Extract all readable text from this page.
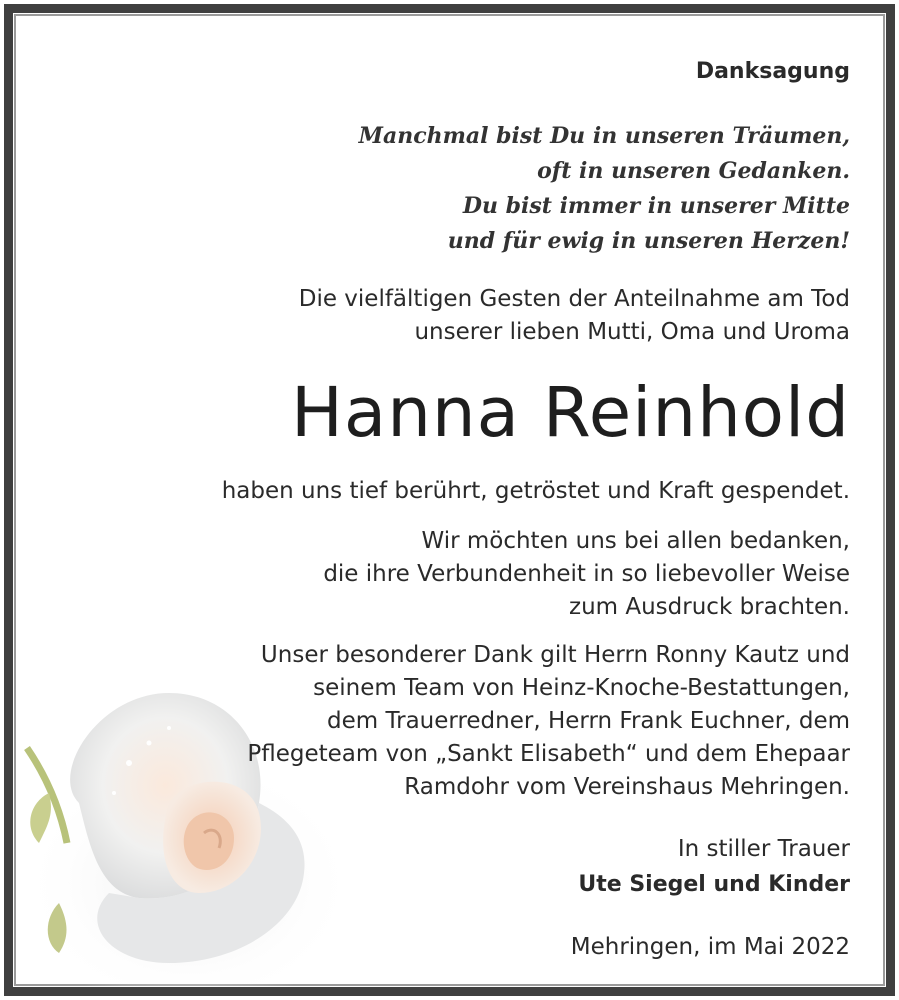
Danksagung
Manchmal bist Du in unseren Träumen,
oft in unseren Gedanken.
Du bist immer in unserer Mitte
und für ewig in unseren Herzen!
Die vielfältigen Gesten der Anteilnahme am Tod
unserer lieben Mutti, Oma und Uroma
Hanna Reinhold
haben uns tief berührt, getröstet und Kraft gespendet.
Wir möchten uns bei allen bedanken,
die ihre Verbundenheit in so liebevoller Weise
zum Ausdruck brachten.
Unser besonderer Dank gilt Herrn Ronny Kautz und
seinem Team von Heinz-Knoche-Bestattungen,
dem Trauerredner, Herrn Frank Euchner, dem
Pflegeteam von „Sankt Elisabeth“ und dem Ehepaar
Ramdohr vom Vereinshaus Mehringen.
In stiller Trauer
Ute Siegel und Kinder
Mehringen, im Mai 2022
